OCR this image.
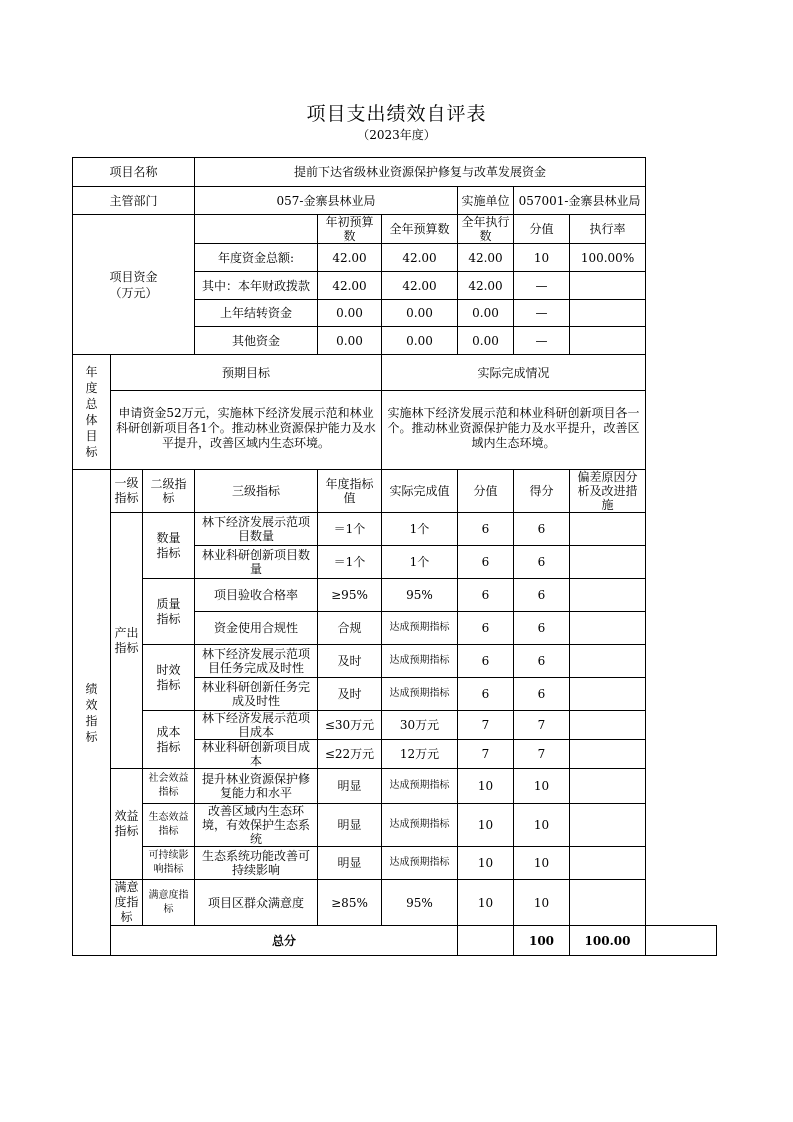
项目支出绩效自评表
（2023年度）
项目名称			提前下达省级林业资源保护修复与改革发展资金						
主管部门			057-金寨县林业局			实施单位	057001-金寨县林业局		

项目资金（万元）				年初预算数	全年预算数	全年执行数	分值	执行率	
			年度资金总额:	42.00	42.00	42.00	10	100.00%	
			其中：本年财政拨款	42.00	42.00	42.00	—		
			上年结转资金	0.00	0.00	0.00	—		
			其他资金	0.00	0.00	0.00	—		

年度总体目标	预期目标				实际完成情况				
	申请资金52万元，实施林下经济发展示范和林业科研创新项目各1个。推动林业资源保护能力及水平提升，改善区域内生态环境。				实施林下经济发展示范和林业科研创新项目各一个。推动林业资源保护能力及水平提升，改善区域内生态环境。				

绩效指标	一级指标	二级指标	三级指标	年度指标值	实际完成值	分值	得分	偏差原因分析及改进措施	

	产出指标	数量指标	林下经济发展示范项目数量	＝1个	1个	6	6		
			林业科研创新项目数量	＝1个	1个	6	6		

		质量指标	项目验收合格率	≥95%	95%	6	6		
			资金使用合规性	合规	达成预期指标	6	6		

		时效指标	林下经济发展示范项目任务完成及时性	及时	达成预期指标	6	6		
			林业科研创新任务完成及时性	及时	达成预期指标	6	6		

		成本指标	林下经济发展示范项目成本	≤30万元	30万元	7	7		
			林业科研创新项目成本	≤22万元	12万元	7	7		

	效益指标	社会效益指标	提升林业资源保护修复能力和水平	明显	达成预期指标	10	10		
		生态效益指标	改善区域内生态环境，有效保护生态系统	明显	达成预期指标	10	10		
		可持续影响指标	生态系统功能改善可持续影响	明显	达成预期指标	10	10		

	满意度指标	满意度指标	项目区群众满意度	≥85%	95%	10	10		
	总分						100	100.00	
